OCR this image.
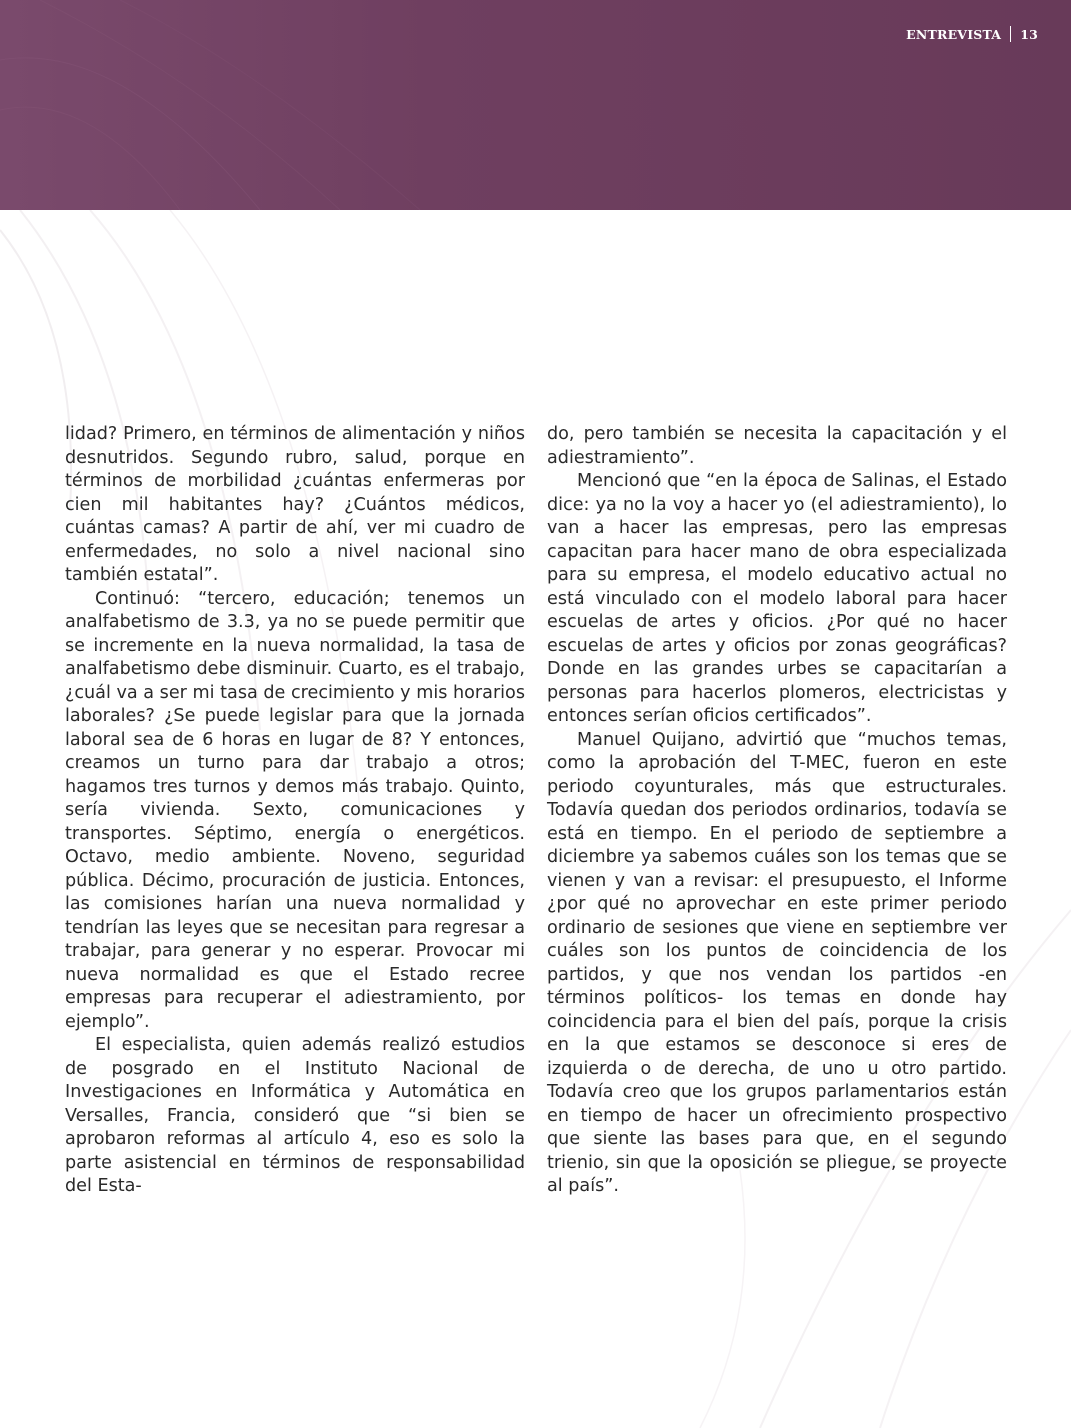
ENTREVISTA 13

lidad? Primero, en términos de alimentación y niños desnutridos. Segundo rubro, salud, porque en términos de morbilidad ¿cuántas enfermeras por cien mil habitantes hay? ¿Cuántos médicos, cuántas camas? A partir de ahí, ver mi cuadro de enfermedades, no solo a nivel nacional sino también estatal”.

Continuó: “tercero, educación; tenemos un analfabetismo de 3.3, ya no se puede permitir que se incremente en la nueva normalidad, la tasa de analfabetismo debe disminuir. Cuarto, es el trabajo, ¿cuál va a ser mi tasa de crecimiento y mis horarios laborales? ¿Se puede legislar para que la jornada laboral sea de 6 horas en lugar de 8? Y entonces, creamos un turno para dar trabajo a otros; hagamos tres turnos y demos más trabajo. Quinto, sería vivienda. Sexto, comunicaciones y transportes. Séptimo, energía o energéticos. Octavo, medio ambiente. Noveno, seguridad pública. Décimo, procuración de justicia. Entonces, las comisiones harían una nueva normalidad y tendrían las leyes que se necesitan para regresar a trabajar, para generar y no esperar. Provocar mi nueva normalidad es que el Estado recree empresas para recuperar el adiestramiento, por ejemplo”.

El especialista, quien además realizó estudios de posgrado en el Instituto Nacional de Investigaciones en Informática y Automática en Versalles, Francia, consideró que “si bien se aprobaron reformas al artículo 4, eso es solo la parte asistencial en términos de responsabilidad del Esta-

do, pero también se necesita la capacitación y el adiestramiento”.

Mencionó que “en la época de Salinas, el Estado dice: ya no la voy a hacer yo (el adiestramiento), lo van a hacer las empresas, pero las empresas capacitan para hacer mano de obra especializada para su empresa, el modelo educativo actual no está vinculado con el modelo laboral para hacer escuelas de artes y oficios. ¿Por qué no hacer escuelas de artes y oficios por zonas geográficas? Donde en las grandes urbes se capacitarían a personas para hacerlos plomeros, electricistas y entonces serían oficios certificados”.

Manuel Quijano, advirtió que “muchos temas, como la aprobación del T-MEC, fueron en este periodo coyunturales, más que estructurales. Todavía quedan dos periodos ordinarios, todavía se está en tiempo. En el periodo de septiembre a diciembre ya sabemos cuáles son los temas que se vienen y van a revisar: el presupuesto, el Informe ¿por qué no aprovechar en este primer periodo ordinario de sesiones que viene en septiembre ver cuáles son los puntos de coincidencia de los partidos, y que nos vendan los partidos -en términos políticos- los temas en donde hay coincidencia para el bien del país, porque la crisis en la que estamos se desconoce si eres de izquierda o de derecha, de uno u otro partido. Todavía creo que los grupos parlamentarios están en tiempo de hacer un ofrecimiento prospectivo que siente las bases para que, en el segundo trienio, sin que la oposición se pliegue, se proyecte al país”.
